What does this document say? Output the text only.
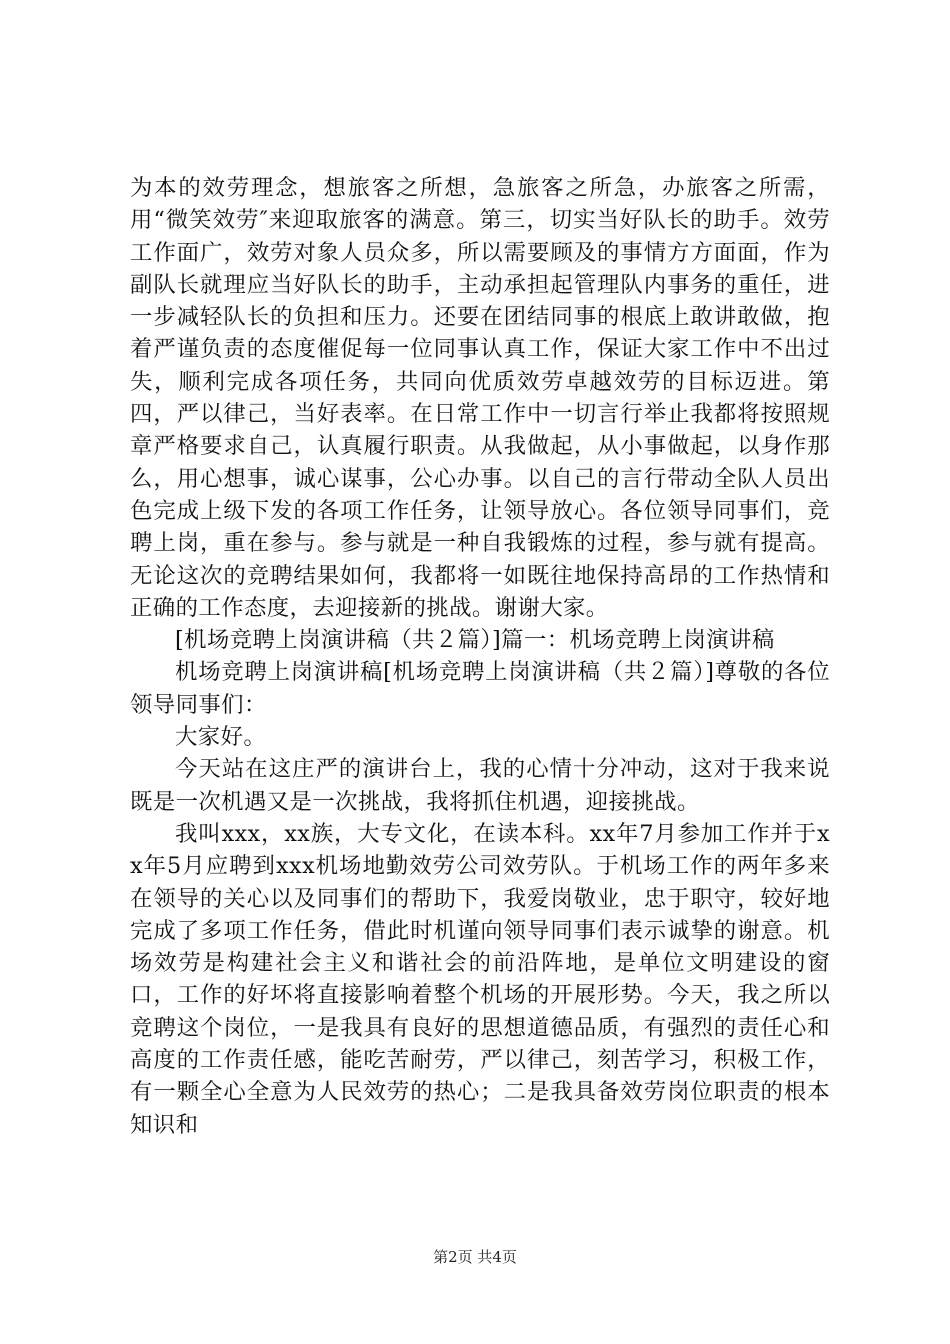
为本的效劳理念，想旅客之所想，急旅客之所急，办旅客之所需，用“微笑效劳″来迎取旅客的满意。第三，切实当好队长的助手。效劳工作面广，效劳对象人员众多，所以需要顾及的事情方方面面，作为副队长就理应当好队长的助手，主动承担起管理队内事务的重任，进一步减轻队长的负担和压力。还要在团结同事的根底上敢讲敢做，抱着严谨负责的态度催促每一位同事认真工作，保证大家工作中不出过失，顺利完成各项任务，共同向优质效劳卓越效劳的目标迈进。第四，严以律己，当好表率。在日常工作中一切言行举止我都将按照规章严格要求自己，认真履行职责。从我做起，从小事做起，以身作那么，用心想事，诚心谋事，公心办事。以自己的言行带动全队人员出色完成上级下发的各项工作任务，让领导放心。各位领导同事们，竞聘上岗，重在参与。参与就是一种自我锻炼的过程，参与就有提高。无论这次的竞聘结果如何，我都将一如既往地保持高昂的工作热情和正确的工作态度，去迎接新的挑战。谢谢大家。

[机场竞聘上岗演讲稿（共２篇）]篇一：机场竞聘上岗演讲稿

机场竞聘上岗演讲稿[机场竞聘上岗演讲稿（共２篇）]尊敬的各位领导同事们：

大家好。

今天站在这庄严的演讲台上，我的心情十分冲动，这对于我来说既是一次机遇又是一次挑战，我将抓住机遇，迎接挑战。

我叫xxx，xx族，大专文化，在读本科。xx年7月参加工作并于xx年5月应聘到xxx机场地勤效劳公司效劳队。于机场工作的两年多来在领导的关心以及同事们的帮助下，我爱岗敬业，忠于职守，较好地完成了多项工作任务，借此时机谨向领导同事们表示诚挚的谢意。机场效劳是构建社会主义和谐社会的前沿阵地，是单位文明建设的窗口，工作的好坏将直接影响着整个机场的开展形势。今天，我之所以竞聘这个岗位，一是我具有良好的思想道德品质，有强烈的责任心和高度的工作责任感，能吃苦耐劳，严以律己，刻苦学习，积极工作，有一颗全心全意为人民效劳的热心；二是我具备效劳岗位职责的根本知识和

第2页 共4页
